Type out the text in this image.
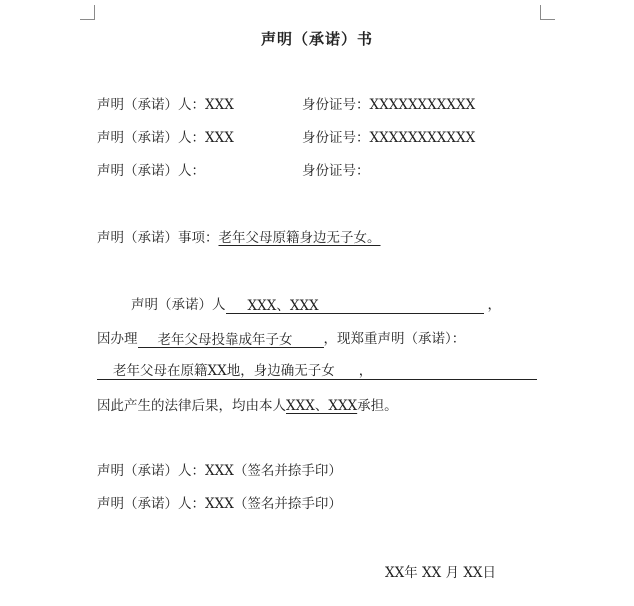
声明（承诺）书
声明（承诺）人：XXX	身份证号：XXXXXXXXXXX
声明（承诺）人：XXX	身份证号：XXXXXXXXXXX
声明（承诺）人：	身份证号：
声明（承诺）事项：老年父母原籍身边无子女。
声明（承诺）人 XXX、XXX	，
因办理 老年父母投靠成年子女 ，现郑重声明（承诺）：
老年父母在原籍XX地，身边确无子女 ，
因此产生的法律后果，均由本人XXX、XXX承担。
声明（承诺）人：XXX（签名并捺手印）
声明（承诺）人：XXX（签名并捺手印）
XX年 XX 月 XX日
